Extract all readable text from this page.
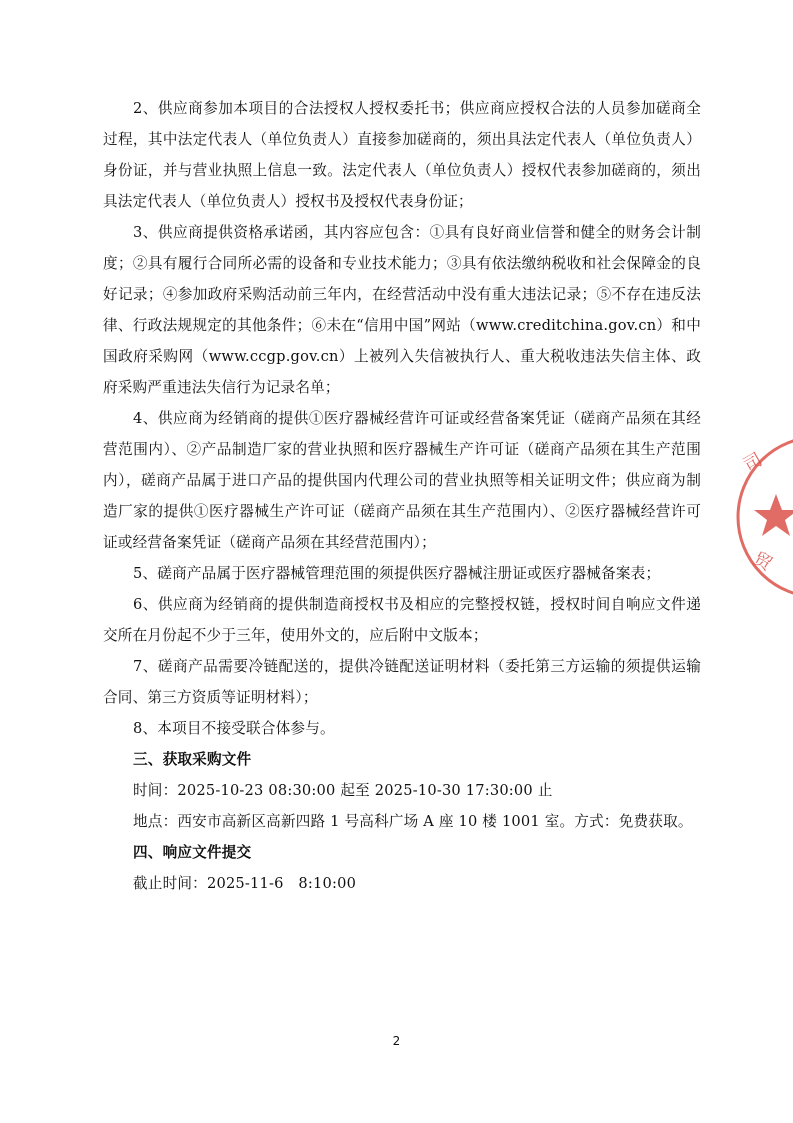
2、供应商参加本项目的合法授权人授权委托书；供应商应授权合法的人员参加磋商全过程，其中法定代表人（单位负责人）直接参加磋商的，须出具法定代表人（单位负责人）身份证，并与营业执照上信息一致。法定代表人（单位负责人）授权代表参加磋商的，须出具法定代表人（单位负责人）授权书及授权代表身份证；

3、供应商提供资格承诺函，其内容应包含：①具有良好商业信誉和健全的财务会计制度；②具有履行合同所必需的设备和专业技术能力；③具有依法缴纳税收和社会保障金的良好记录；④参加政府采购活动前三年内，在经营活动中没有重大违法记录；⑤不存在违反法律、行政法规规定的其他条件；⑥未在“信用中国”网站（www.creditchina.gov.cn）和中国政府采购网（www.ccgp.gov.cn）上被列入失信被执行人、重大税收违法失信主体、政府采购严重违法失信行为记录名单；

4、供应商为经销商的提供①医疗器械经营许可证或经营备案凭证（磋商产品须在其经营范围内）、②产品制造厂家的营业执照和医疗器械生产许可证（磋商产品须在其生产范围内），磋商产品属于进口产品的提供国内代理公司的营业执照等相关证明文件；供应商为制造厂家的提供①医疗器械生产许可证（磋商产品须在其生产范围内）、②医疗器械经营许可证或经营备案凭证（磋商产品须在其经营范围内）；

5、磋商产品属于医疗器械管理范围的须提供医疗器械注册证或医疗器械备案表；

6、供应商为经销商的提供制造商授权书及相应的完整授权链，授权时间自响应文件递交所在月份起不少于三年，使用外文的，应后附中文版本；

7、磋商产品需要冷链配送的，提供冷链配送证明材料（委托第三方运输的须提供运输合同、第三方资质等证明材料）；

8、本项目不接受联合体参与。

三、获取采购文件

时间：2025-10-23 08:30:00 起至 2025-10-30 17:30:00 止

地点：西安市高新区高新四路 1 号高科广场 A 座 10 楼 1001 室。方式：免费获取。

四、响应文件提交

截止时间：2025-11-6　8:10:00

司
贸
2
